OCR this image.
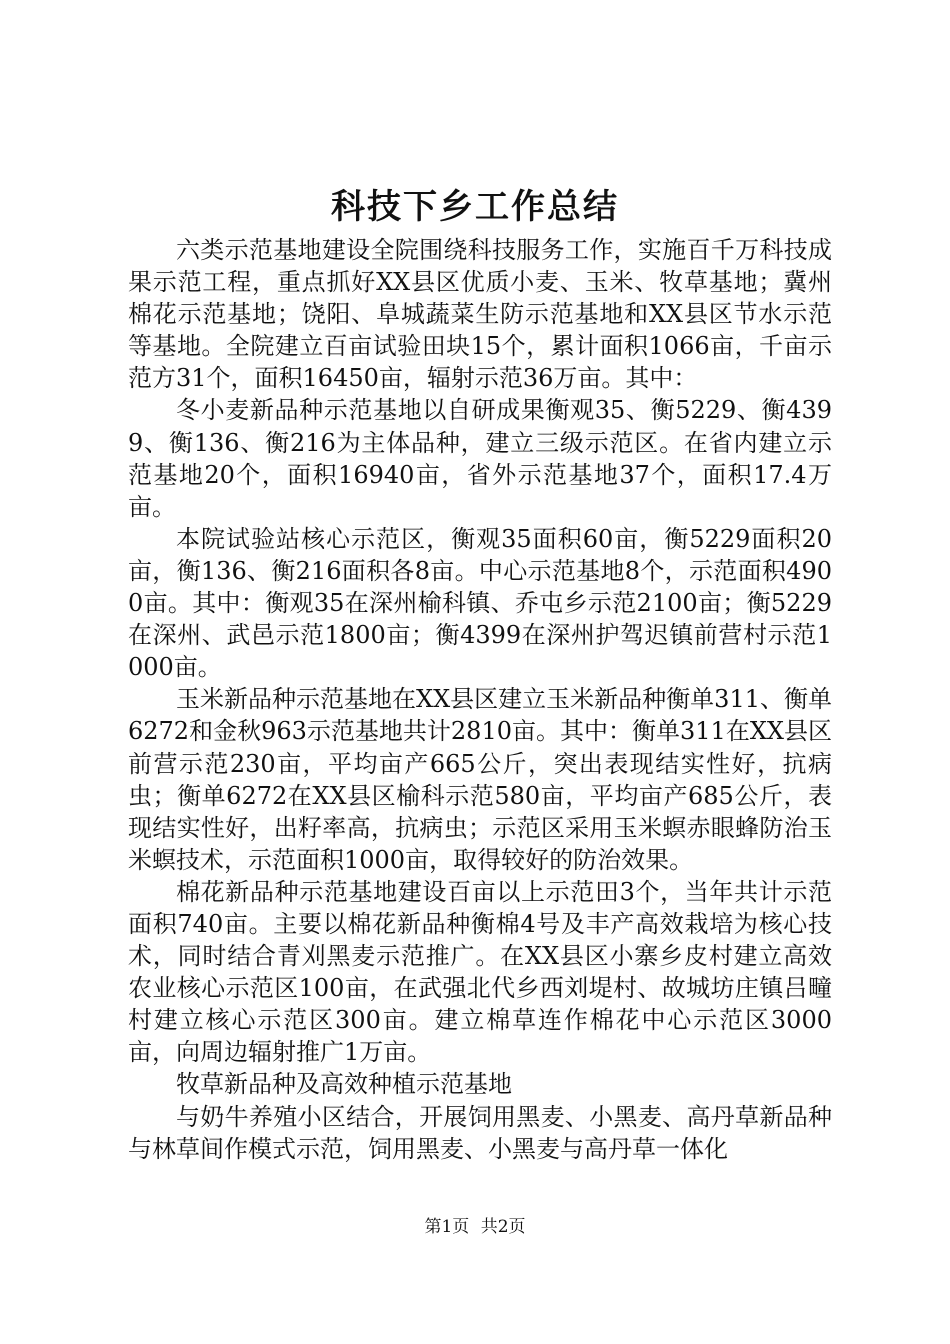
科技下乡工作总结

六类示范基地建设全院围绕科技服务工作，实施百千万科技成果示范工程，重点抓好XX县区优质小麦、玉米、牧草基地；冀州棉花示范基地；饶阳、阜城蔬菜生防示范基地和XX县区节水示范等基地。全院建立百亩试验田块15个，累计面积1066亩，千亩示范方31个，面积16450亩，辐射示范36万亩。其中：

冬小麦新品种示范基地以自研成果衡观35、衡5229、衡4399、衡136、衡216为主体品种，建立三级示范区。在省内建立示范基地20个，面积16940亩，省外示范基地37个，面积17.4万亩。

本院试验站核心示范区，衡观35面积60亩，衡5229面积20亩，衡136、衡216面积各8亩。中心示范基地8个，示范面积4900亩。其中：衡观35在深州榆科镇、乔屯乡示范2100亩；衡5229在深州、武邑示范1800亩；衡4399在深州护驾迟镇前营村示范1000亩。

玉米新品种示范基地在XX县区建立玉米新品种衡单311、衡单6272和金秋963示范基地共计2810亩。其中：衡单311在XX县区前营示范230亩，平均亩产665公斤，突出表现结实性好，抗病虫；衡单6272在XX县区榆科示范580亩，平均亩产685公斤，表现结实性好，出籽率高，抗病虫；示范区采用玉米螟赤眼蜂防治玉米螟技术，示范面积1000亩，取得较好的防治效果。

棉花新品种示范基地建设百亩以上示范田3个，当年共计示范面积740亩。主要以棉花新品种衡棉4号及丰产高效栽培为核心技术，同时结合青刈黑麦示范推广。在XX县区小寨乡皮村建立高效农业核心示范区100亩，在武强北代乡西刘堤村、故城坊庄镇吕疃村建立核心示范区300亩。建立棉草连作棉花中心示范区3000亩，向周边辐射推广1万亩。

牧草新品种及高效种植示范基地

与奶牛养殖小区结合，开展饲用黑麦、小黑麦、高丹草新品种与林草间作模式示范，饲用黑麦、小黑麦与高丹草一体化

第1页 共2页
